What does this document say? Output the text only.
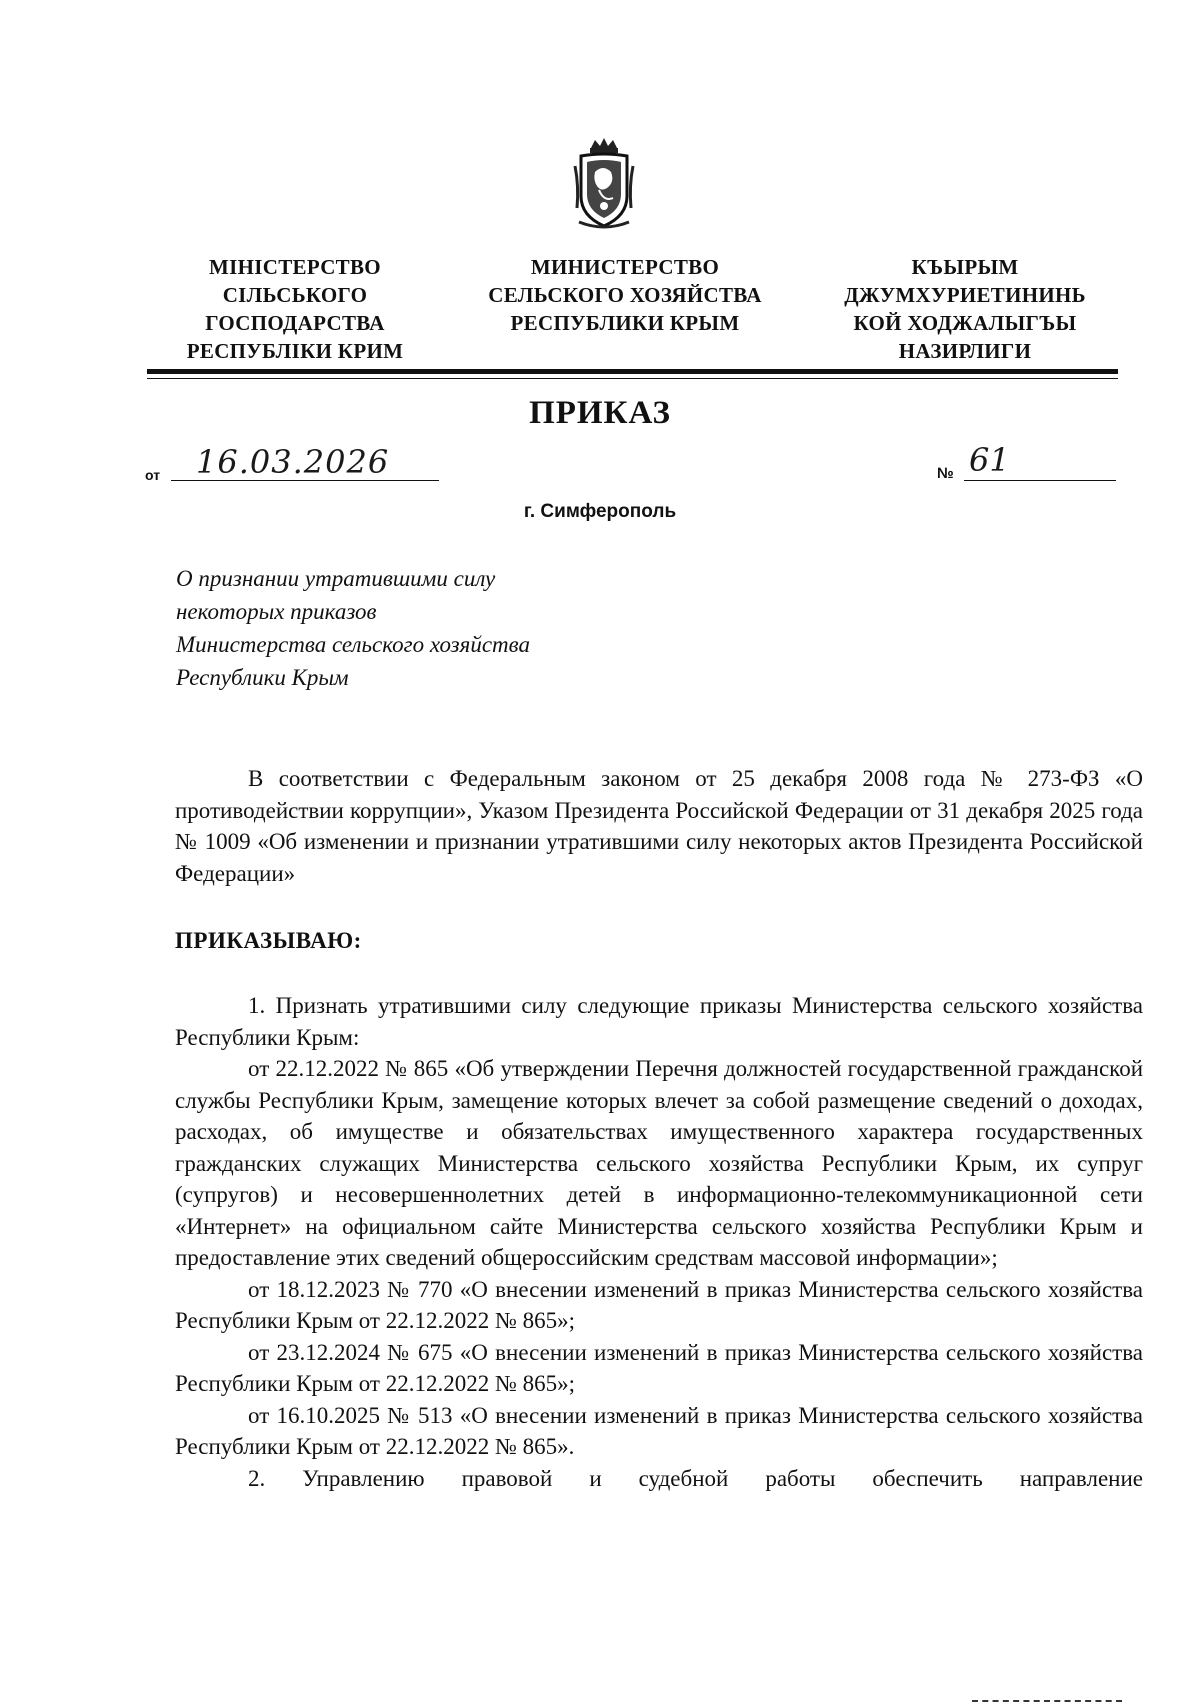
МІНІСТЕРСТВО
СІЛЬСЬКОГО
ГОСПОДАРСТВА
РЕСПУБЛІКИ КРИМ
МИНИСТЕРСТВО
СЕЛЬСКОГО ХОЗЯЙСТВА
РЕСПУБЛИКИ КРЫМ
КЪЫРЫМ
ДЖУМХУРИЕТИНИНЬ
КОЙ ХОДЖАЛЫГЪЫ
НАЗИРЛИГИ
ПРИКАЗ
от 16.03.2026	№ 61
г. Симферополь
О признании утратившими силу
некоторых приказов
Министерства сельского хозяйства
Республики Крым
В соответствии с Федеральным законом от 25 декабря 2008 года № 273-ФЗ «О противодействии коррупции», Указом Президента Российской Федерации от 31 декабря 2025 года № 1009 «Об изменении и признании утратившими силу некоторых актов Президента Российской Федерации»
ПРИКАЗЫВАЮ:
1. Признать утратившими силу следующие приказы Министерства сельского хозяйства Республики Крым:
от 22.12.2022 № 865 «Об утверждении Перечня должностей государственной гражданской службы Республики Крым, замещение которых влечет за собой размещение сведений о доходах, расходах, об имуществе и обязательствах имущественного характера государственных гражданских служащих Министерства сельского хозяйства Республики Крым, их супруг (супругов) и несовершеннолетних детей в информационно-телекоммуникационной сети «Интернет» на официальном сайте Министерства сельского хозяйства Республики Крым и предоставление этих сведений общероссийским средствам массовой информации»;
от 18.12.2023 № 770 «О внесении изменений в приказ Министерства сельского хозяйства Республики Крым от 22.12.2022 № 865»;
от 23.12.2024 № 675 «О внесении изменений в приказ Министерства сельского хозяйства Республики Крым от 22.12.2022 № 865»;
от 16.10.2025 № 513 «О внесении изменений в приказ Министерства сельского хозяйства Республики Крым от 22.12.2022 № 865».
2. Управлению правовой и судебной работы обеспечить направление
